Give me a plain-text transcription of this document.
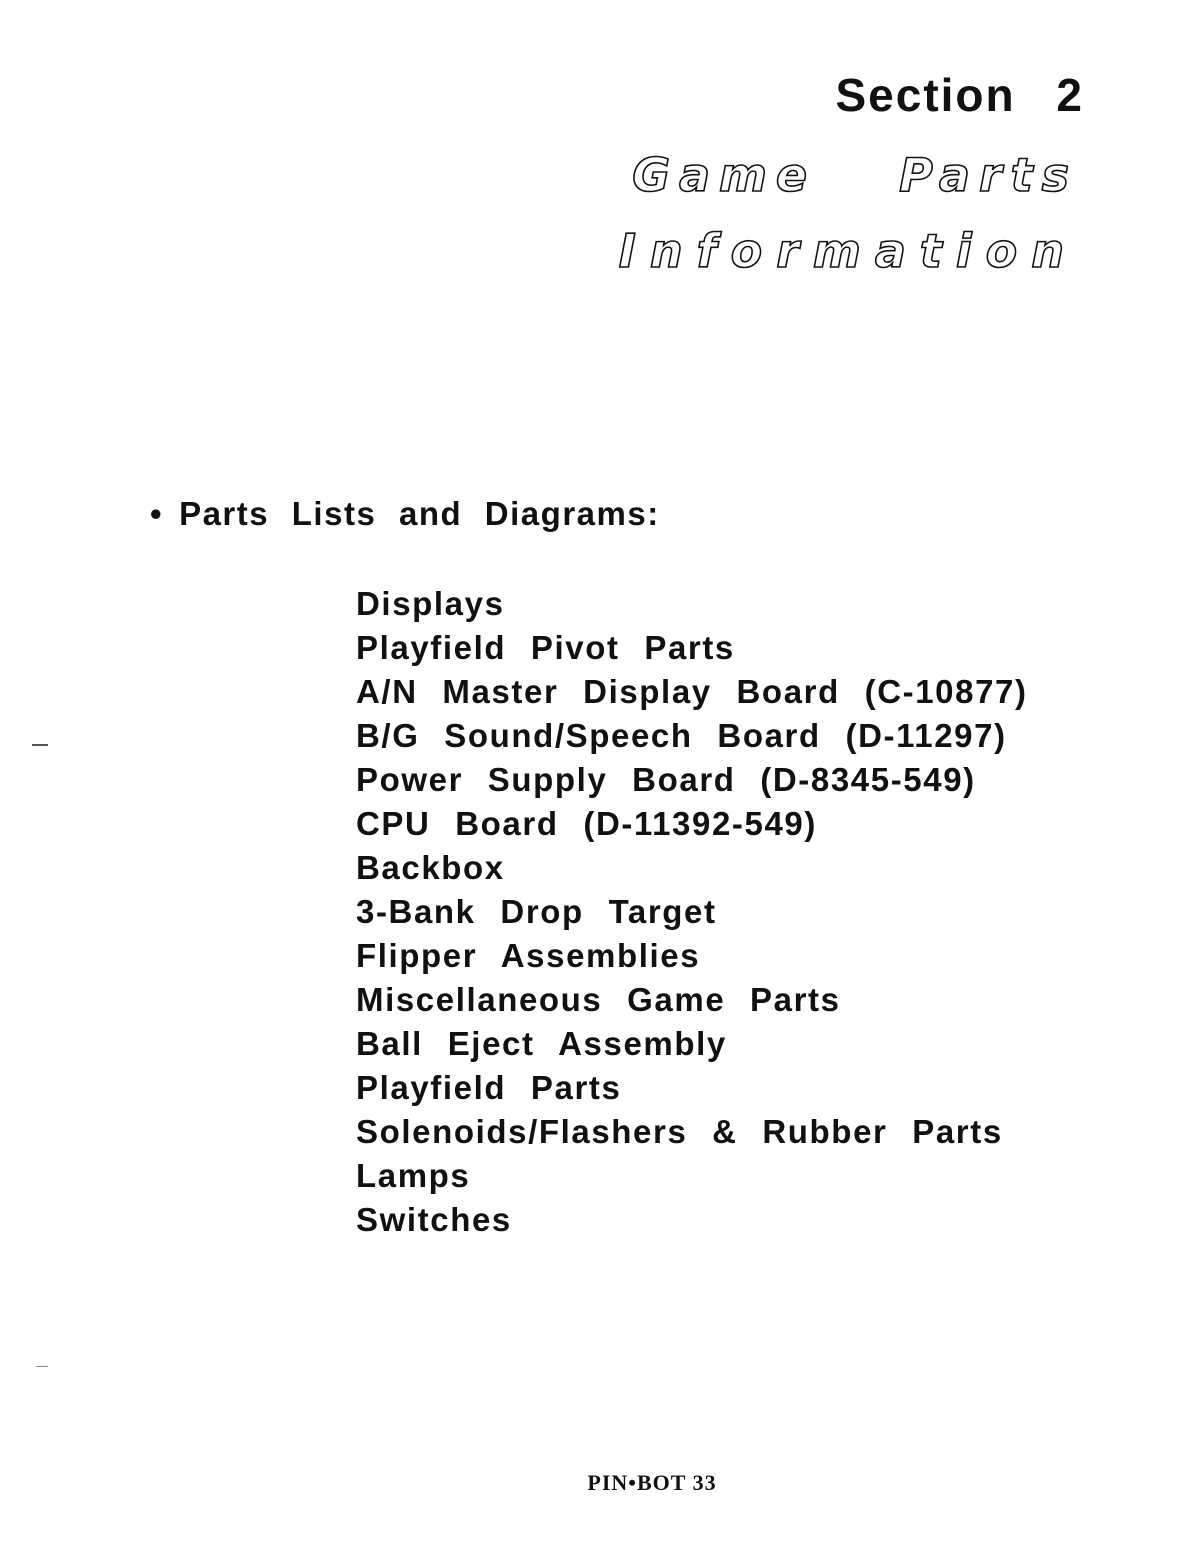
Section 2
Game Parts
Information
• Parts Lists and Diagrams:
Displays
Playfield Pivot Parts
A/N Master Display Board (C-10877)
B/G Sound/Speech Board (D-11297)
Power Supply Board (D-8345-549)
CPU Board (D-11392-549)
Backbox
3-Bank Drop Target
Flipper Assemblies
Miscellaneous Game Parts
Ball Eject Assembly
Playfield Parts
Solenoids/Flashers & Rubber Parts
Lamps
Switches
PIN•BOT 33
